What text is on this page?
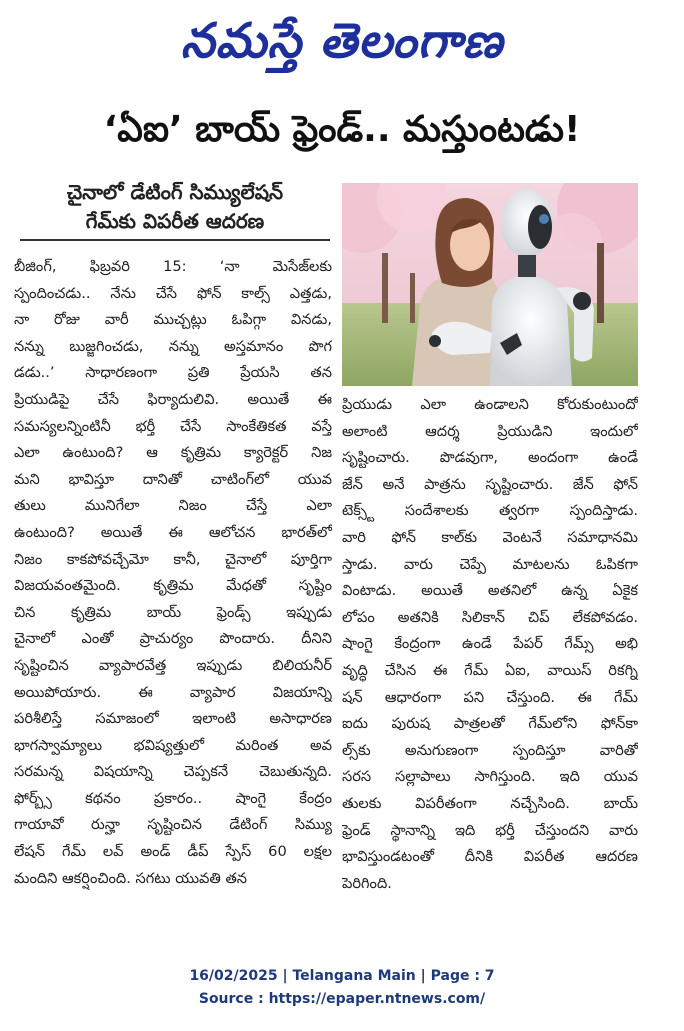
నమస్తే తెలంగాణ
‘ఏఐ’ బాయ్‌ ఫ్రెండ్‌.. మస్తుంటడు!
చైనాలో డేటింగ్‌ సిమ్యులేషన్‌
గేమ్‌కు విపరీత ఆదరణ
బీజింగ్‌, ఫిబ్రవరి 15: ‘నా మెసేజ్‌లకు
స్పందించడు.. నేను చేసే ఫోన్‌ కాల్స్‌ ఎత్తడు,
నా రోజు వారీ ముచ్చట్లు ఓపిగ్గా వినడు,
నన్ను బుజ్జగించడు, నన్ను అస్తమానం పొగ
డడు..’ సాధారణంగా ప్రతి ప్రేయసి తన
ప్రియుడిపై చేసే ఫిర్యాదులివి. అయితే ఈ
సమస్యలన్నింటినీ భర్తీ చేసే సాంకేతికత వస్తే
ఎలా ఉంటుంది? ఆ కృత్రిమ క్యారెక్టర్‌ నిజ
మని భావిస్తూ దానితో చాటింగ్‌లో యువ
తులు మునిగేలా నిజం చేస్తే ఎలా
ఉంటుంది? అయితే ఈ ఆలోచన భారత్‌లో
నిజం కాకపోవచ్చేమో కానీ, చైనాలో పూర్తిగా
విజయవంతమైంది. కృత్రిమ మేధతో సృష్టిం
చిన కృత్రిమ బాయ్‌ ఫ్రెండ్స్‌ ఇప్పుడు
చైనాలో ఎంతో ప్రాచుర్యం పొందారు. దీనిని
సృష్టించిన వ్యాపారవేత్త ఇప్పుడు బిలియనీర్‌
అయిపోయారు. ఈ వ్యాపార విజయాన్ని
పరిశీలిస్తే సమాజంలో ఇలాంటి అసాధారణ
భాగస్వామ్యాలు భవిష్యత్తులో మరింత అవ
సరమన్న విషయాన్ని చెప్పకనే చెబుతున్నది.
ఫోర్బ్స్‌ కథనం ప్రకారం.. షాంగై కేంద్రం
గాయావో రున్హా సృష్టించిన డేటింగ్‌ సిమ్యు
లేషన్‌ గేమ్‌ లవ్‌ అండ్‌ డీప్‌ స్పేస్‌ 60 లక్షల
మందిని ఆకర్షించింది. సగటు యువతి తన
ప్రియుడు ఎలా ఉండాలని కోరుకుంటుందో
అలాంటి ఆదర్శ ప్రియుడిని ఇందులో
సృష్టించారు. పొడవుగా, అందంగా ఉండే
జేన్‌ అనే పాత్రను సృష్టించారు. జేన్‌ ఫోన్‌
టెక్స్ట్‌ సందేశాలకు త్వరగా స్పందిస్తాడు.
వారి ఫోన్‌ కాల్‌కు వెంటనే సమాధానమి
స్తాడు. వారు చెప్పే మాటలను ఓపికగా
వింటాడు. అయితే అతనిలో ఉన్న ఏకైక
లోపం అతనికి సిలికాన్‌ చిప్‌ లేకపోవడం.
షాంగై కేంద్రంగా ఉండే పేపర్‌ గేమ్స్‌ అభి
వృద్ధి చేసిన ఈ గేమ్‌ ఏఐ, వాయిస్‌ రికగ్ని
షన్‌ ఆధారంగా పని చేస్తుంది. ఈ గేమ్‌
ఐదు పురుష పాత్రలతో గేమ్‌లోని ఫోన్‌కా
ల్స్‌కు అనుగుణంగా స్పందిస్తూ వారితో
సరస సల్లాపాలు సాగిస్తుంది. ఇది యువ
తులకు విపరీతంగా నచ్చేసింది. బాయ్‌
ఫ్రెండ్‌ స్థానాన్ని ఇది భర్తీ చేస్తుందని వారు
భావిస్తుండటంతో దీనికి విపరీత ఆదరణ
పెరిగింది.
16/02/2025 | Telangana Main | Page : 7
Source : https://epaper.ntnews.com/
